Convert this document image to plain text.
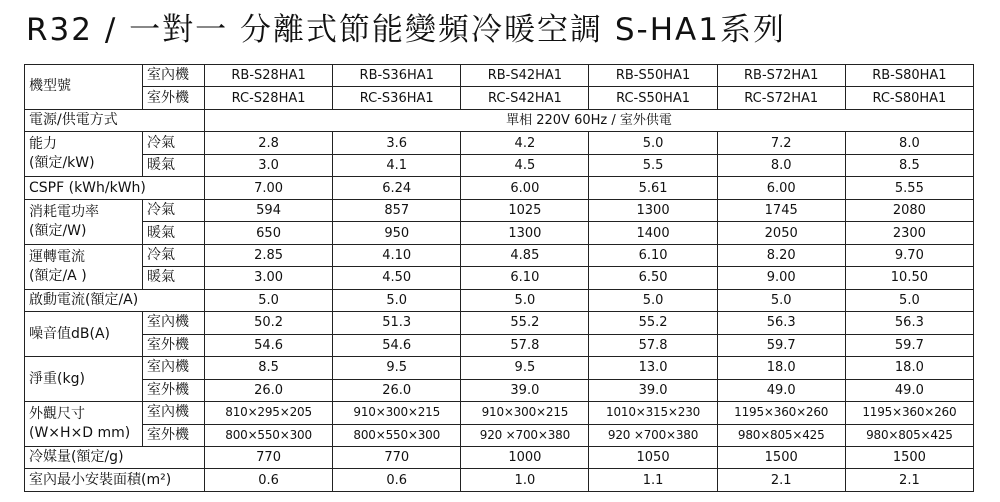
R32 / 一對一 分離式節能變頻冷暖空調 S-HA1系列
機型號	室內機	RB-S28HA1	RB-S36HA1	RB-S42HA1	RB-S50HA1	RB-S72HA1	RB-S80HA1
	室外機	RC-S28HA1	RC-S36HA1	RC-S42HA1	RC-S50HA1	RC-S72HA1	RC-S80HA1
電源/供電方式		單相 220V 60Hz / 室外供電					
能力
(額定/kW)	冷氣	2.8	3.6	4.2	5.0	7.2	8.0
	暖氣	3.0	4.1	4.5	5.5	8.0	8.5
CSPF (kWh/kWh)		7.00	6.24	6.00	5.61	6.00	5.55
消耗電功率
(額定/W)	冷氣	594	857	1025	1300	1745	2080
	暖氣	650	950	1300	1400	2050	2300
運轉電流
(額定/A )	冷氣	2.85	4.10	4.85	6.10	8.20	9.70
	暖氣	3.00	4.50	6.10	6.50	9.00	10.50
啟動電流(額定/A)		5.0	5.0	5.0	5.0	5.0	5.0
噪音值dB(A)	室內機	50.2	51.3	55.2	55.2	56.3	56.3
	室外機	54.6	54.6	57.8	57.8	59.7	59.7
淨重(kg)	室內機	8.5	9.5	9.5	13.0	18.0	18.0
	室外機	26.0	26.0	39.0	39.0	49.0	49.0
外觀尺寸
(W×H×D mm)	室內機	810×295×205	910×300×215	910×300×215	1010×315×230	1195×360×260	1195×360×260
	室外機	800×550×300	800×550×300	920 ×700×380	920 ×700×380	980×805×425	980×805×425
冷媒量(額定/g)		770	770	1000	1050	1500	1500
室內最小安裝面積(m²)		0.6	0.6	1.0	1.1	2.1	2.1
